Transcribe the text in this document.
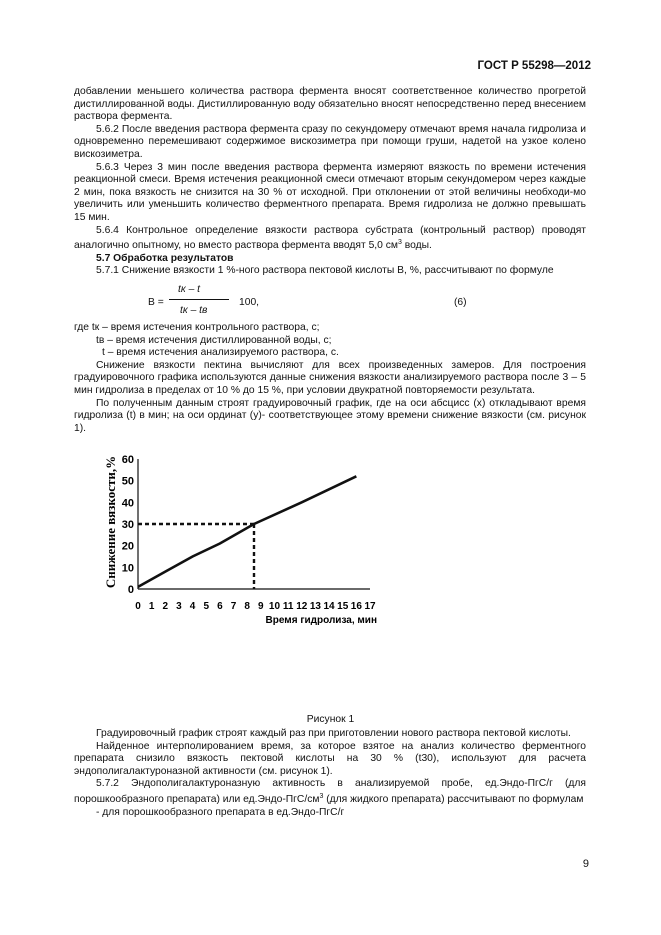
ГОСТ Р 55298—2012

добавлении меньшего количества раствора фермента вносят соответственное количество прогретой дистиллированной воды. Дистиллированную воду обязательно вносят непосредственно перед внесением раствора фермента.

5.6.2 После введения раствора фермента сразу по секундомеру отмечают время начала гидролиза и одновременно перемешивают содержимое вискозиметра при помощи груши, надетой на узкое колено вискозиметра.

5.6.3 Через 3 мин после введения раствора фермента измеряют вязкость по времени истечения реакционной смеси. Время истечения реакционной смеси отмечают вторым секундомером через каждые 2 мин, пока вязкость не снизится на 30 % от исходной. При отклонении от этой величины необходи-мо увеличить или уменьшить количество ферментного препарата. Время гидролиза не должно превышать 15 мин.

5.6.4 Контрольное определение вязкости раствора субстрата (контрольный раствор) проводят аналогично опытному, но вместо раствора фермента вводят 5,0 $см^3$ воды.

5.7 Обработка результатов

5.7.1 Снижение вязкости 1 %-ного раствора пектовой кислоты В, %, рассчитывают по формуле

В =
tк – t
tк – tв
100,	(6)

где tк – время истечения контрольного раствора, с;

tв – время истечения дистиллированной воды, с;

t – время истечения анализируемого раствора, с.

Снижение вязкости пектина вычисляют для всех произведенных замеров. Для построения градуировочного графика используются данные снижения вязкости анализируемого раствора после 3 – 5 мин гидролиза в пределах от 10 % до 15 %, при условии двукратной повторяемости результата.

По полученным данным строят градуировочный график, где на оси абсцисс (x) откладывают время гидролиза (t) в мин; на оси ординат (y)- соответствующее этому времени снижение вязкости (см. рисунок 1).

0
10
20
30
40
50
60
0 1 2 3 4 5 6 7 8 9 10 11 12 13 14 15 16 17
Снижение вязкости,%
Время гидролиза, мин
Рисунок 1

Градуировочный график строят каждый раз при приготовлении нового раствора пектовой кислоты.

Найденное интерполированием время, за которое взятое на анализ количество ферментного препарата снизило вязкость пектовой кислоты на 30 % (t30), используют для расчета эндополигалактуроназной активности (см. рисунок 1).

5.7.2 Эндополигалактуроназную активность в анализируемой пробе, ед.Эндо-ПгС/г (для порошкообразного препарата) или $ед.Эндо-ПгС/см^3$ (для жидкого препарата) рассчитывают по формулам

- для порошкообразного препарата в ед.Эндо-ПгС/г

9
